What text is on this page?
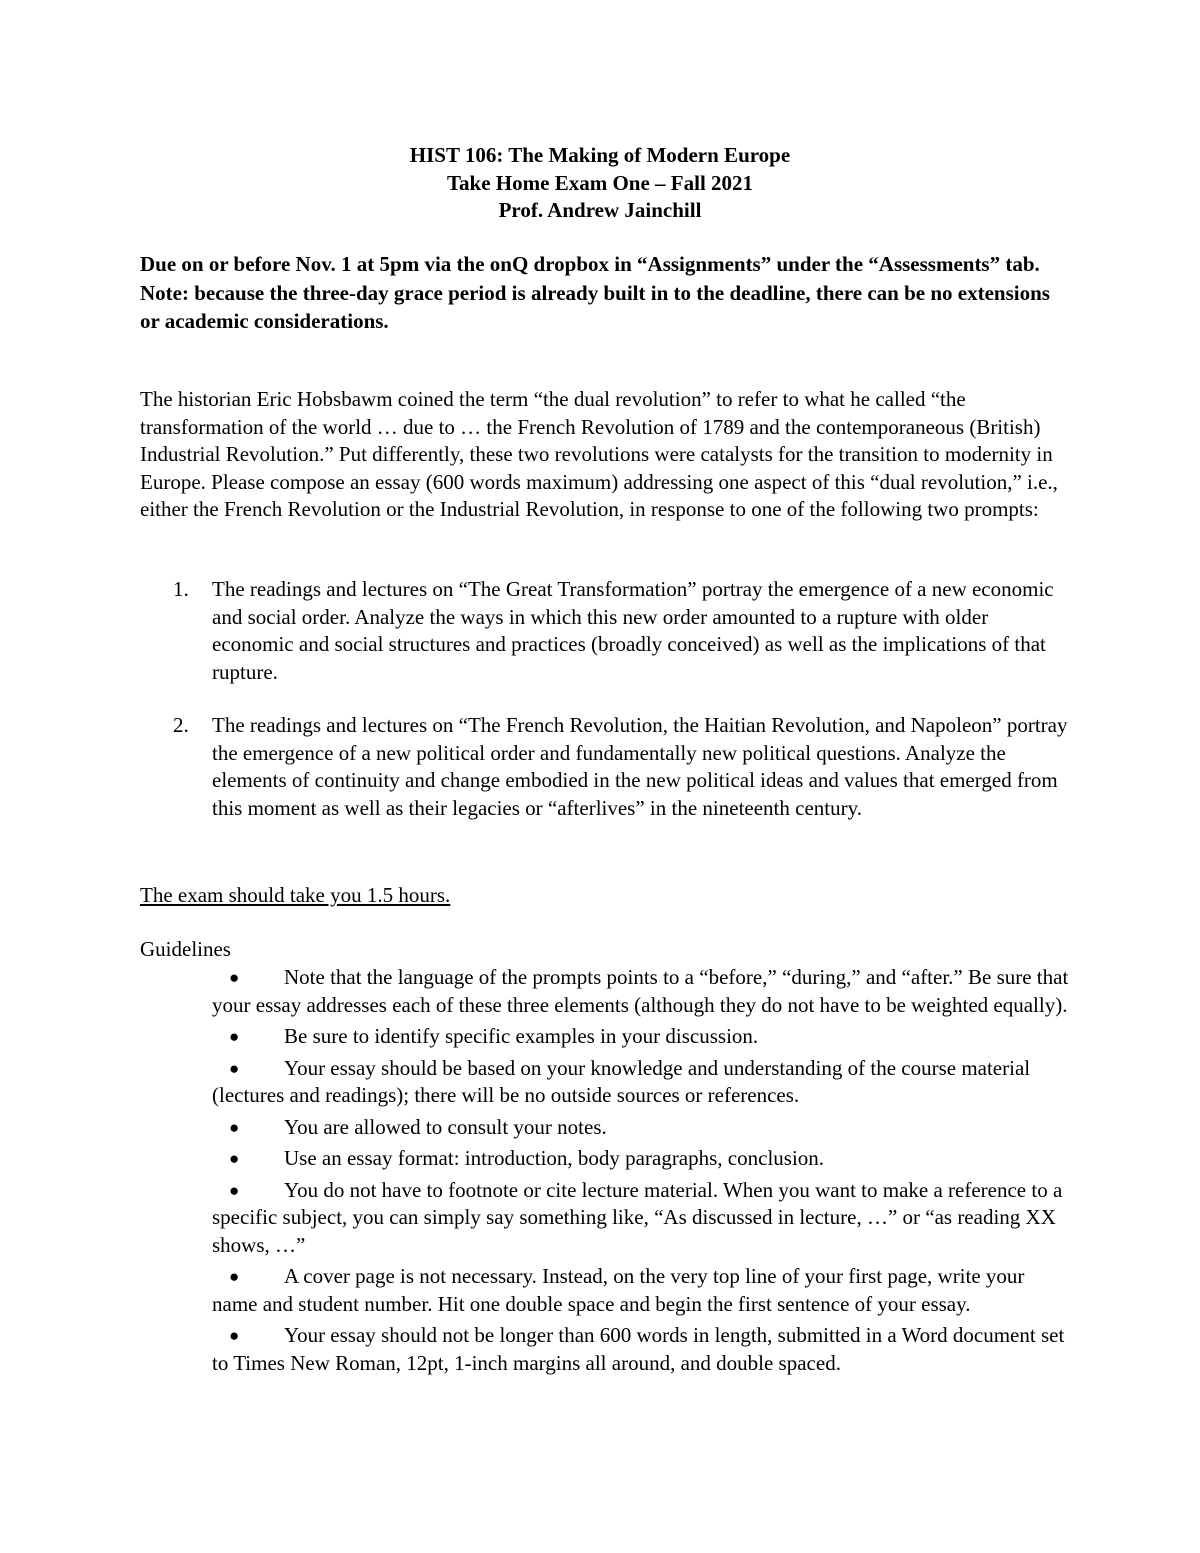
HIST 106: The Making of Modern Europe
Take Home Exam One – Fall 2021
Prof. Andrew Jainchill
Due on or before Nov. 1 at 5pm via the onQ dropbox in “Assignments” under the “Assessments” tab. Note: because the three-day grace period is already built in to the deadline, there can be no extensions or academic considerations.
The historian Eric Hobsbawm coined the term “the dual revolution” to refer to what he called “the transformation of the world … due to … the French Revolution of 1789 and the contemporaneous (British) Industrial Revolution.” Put differently, these two revolutions were catalysts for the transition to modernity in Europe. Please compose an essay (600 words maximum) addressing one aspect of this “dual revolution,” i.e., either the French Revolution or the Industrial Revolution, in response to one of the following two prompts:
1. The readings and lectures on “The Great Transformation” portray the emergence of a new economic and social order. Analyze the ways in which this new order amounted to a rupture with older economic and social structures and practices (broadly conceived) as well as the implications of that rupture.
2. The readings and lectures on “The French Revolution, the Haitian Revolution, and Napoleon” portray the emergence of a new political order and fundamentally new political questions. Analyze the elements of continuity and change embodied in the new political ideas and values that emerged from this moment as well as their legacies or “afterlives” in the nineteenth century.
The exam should take you 1.5 hours.
Guidelines
● Note that the language of the prompts points to a “before,” “during,” and “after.” Be sure that your essay addresses each of these three elements (although they do not have to be weighted equally).
● Be sure to identify specific examples in your discussion.
● Your essay should be based on your knowledge and understanding of the course material (lectures and readings); there will be no outside sources or references.
● You are allowed to consult your notes.
● Use an essay format: introduction, body paragraphs, conclusion.
● You do not have to footnote or cite lecture material. When you want to make a reference to a specific subject, you can simply say something like, “As discussed in lecture, …” or “as reading XX shows, …”
● A cover page is not necessary. Instead, on the very top line of your first page, write your name and student number. Hit one double space and begin the first sentence of your essay.
● Your essay should not be longer than 600 words in length, submitted in a Word document set to Times New Roman, 12pt, 1-inch margins all around, and double spaced.
